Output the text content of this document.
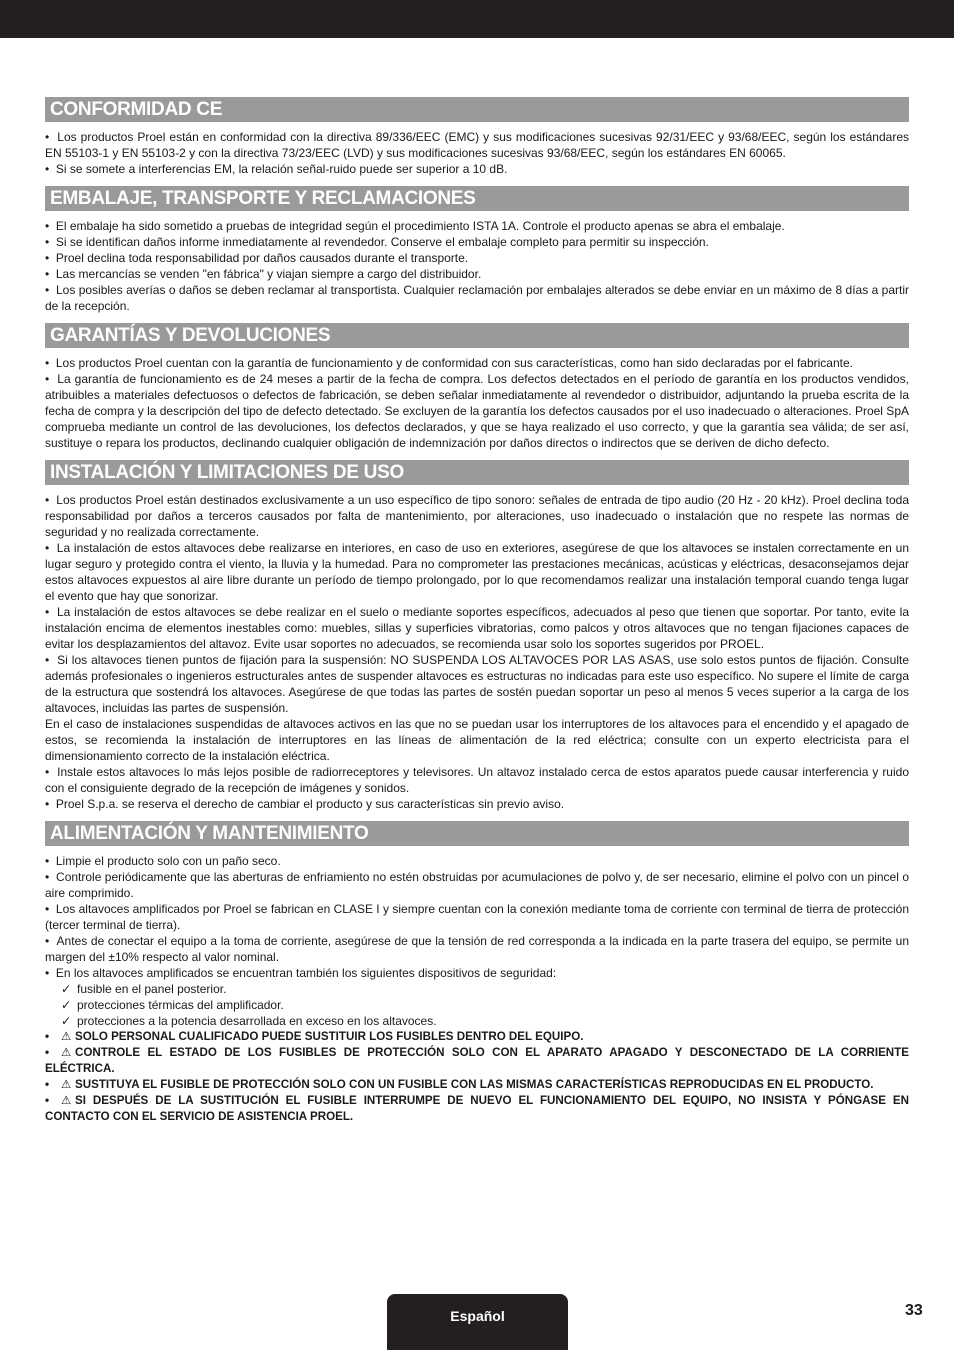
CONFORMIDAD CE

•  Los productos Proel están en conformidad con la directiva 89/336/EEC (EMC) y sus modificaciones sucesivas 92/31/EEC y 93/68/EEC, según los estándares EN 55103-1 y EN 55103-2 y con la directiva 73/23/EEC (LVD) y sus modificaciones sucesivas 93/68/EEC, según los estándares EN 60065.

•  Si se somete a interferencias EM, la relación señal-ruido puede ser superior a 10 dB.

EMBALAJE, TRANSPORTE Y RECLAMACIONES

•  El embalaje ha sido sometido a pruebas de integridad según el procedimiento ISTA 1A. Controle el producto apenas se abra el embalaje.

•  Si se identifican daños informe inmediatamente al revendedor. Conserve el embalaje completo para permitir su inspección.

•  Proel declina toda responsabilidad por daños causados durante el transporte.

•  Las mercancías se venden "en fábrica" y viajan siempre a cargo del distribuidor.

•  Los posibles averías o daños se deben reclamar al transportista. Cualquier reclamación por embalajes alterados se debe enviar en un máximo de 8 días a partir de la recepción.

GARANTÍAS Y DEVOLUCIONES

•  Los productos Proel cuentan con la garantía de funcionamiento y de conformidad con sus características, como han sido declaradas por el fabricante.

•  La garantía de funcionamiento es de 24 meses a partir de la fecha de compra. Los defectos detectados en el período de garantía en los productos vendidos, atribuibles a materiales defectuosos o defectos de fabricación, se deben señalar inmediatamente al revendedor o distribuidor, adjuntando la prueba escrita de la fecha de compra y la descripción del tipo de defecto detectado. Se excluyen de la garantía los defectos causados por el uso inadecuado o alteraciones. Proel SpA comprueba mediante un control de las devoluciones, los defectos declarados, y que se haya realizado el uso correcto, y que la garantía sea válida; de ser así, sustituye o repara los productos, declinando cualquier obligación de indemnización por daños directos o indirectos que se deriven de dicho defecto.

INSTALACIÓN Y LIMITACIONES DE USO

•  Los productos Proel están destinados exclusivamente a un uso específico de tipo sonoro: señales de entrada de tipo audio (20 Hz - 20 kHz). Proel declina toda responsabilidad por daños a terceros causados por falta de mantenimiento, por alteraciones, uso inadecuado o instalación que no respete las normas de seguridad y no realizada correctamente.

•  La instalación de estos altavoces debe realizarse en interiores, en caso de uso en exteriores, asegúrese de que los altavoces se instalen correctamente en un lugar seguro y protegido contra el viento, la lluvia y la humedad. Para no comprometer las prestaciones mecánicas, acústicas y eléctricas, desaconsejamos dejar estos altavoces expuestos al aire libre durante un período de tiempo prolongado, por lo que recomendamos realizar una instalación temporal cuando tenga lugar el evento que hay que sonorizar.

•  La instalación de estos altavoces se debe realizar en el suelo o mediante soportes específicos, adecuados al peso que tienen que soportar. Por tanto, evite la instalación encima de elementos inestables como: muebles, sillas y superficies vibratorias, como palcos y otros altavoces que no tengan fijaciones capaces de evitar los desplazamientos del altavoz. Evite usar soportes no adecuados, se recomienda usar solo los soportes sugeridos por PROEL.

•  Si los altavoces tienen puntos de fijación para la suspensión: NO SUSPENDA LOS ALTAVOCES POR LAS ASAS, use solo estos puntos de fijación. Consulte además profesionales o ingenieros estructurales antes de suspender altavoces es estructuras no indicadas para este uso específico. No supere el límite de carga de la estructura que sostendrá los altavoces. Asegúrese de que todas las partes de sostén puedan soportar un peso al menos 5 veces superior a la carga de los altavoces, incluidas las partes de suspensión.

En el caso de instalaciones suspendidas de altavoces activos en las que no se puedan usar los interruptores de los altavoces para el encendido y el apagado de estos, se recomienda la instalación de interruptores en las líneas de alimentación de la red eléctrica; consulte con un experto electricista para el dimensionamiento correcto de la instalación eléctrica.

•  Instale estos altavoces lo más lejos posible de radiorreceptores y televisores. Un altavoz instalado cerca de estos aparatos puede causar interferencia y ruido con el consiguiente degrado de la recepción de imágenes y sonidos.

•  Proel S.p.a. se reserva el derecho de cambiar el producto y sus características sin previo aviso.

ALIMENTACIÓN Y MANTENIMIENTO

•  Limpie el producto solo con un paño seco.

•  Controle periódicamente que las aberturas de enfriamiento no estén obstruidas por acumulaciones de polvo y, de ser necesario, elimine el polvo con un pincel o aire comprimido.

•  Los altavoces amplificados por Proel se fabrican en CLASE I y siempre cuentan con la conexión mediante toma de corriente con terminal de tierra de protección (tercer terminal de tierra).

•  Antes de conectar el equipo a la toma de corriente, asegúrese de que la tensión de red corresponda a la indicada en la parte trasera del equipo, se permite un margen del ±10% respecto al valor nominal.

•  En los altavoces amplificados se encuentran también los siguientes dispositivos de seguridad:

✓ fusible en el panel posterior.

✓ protecciones térmicas del amplificador.

✓ protecciones a la potencia desarrollada en exceso en los altavoces.

• ⚠ SOLO PERSONAL CUALIFICADO PUEDE SUSTITUIR LOS FUSIBLES DENTRO DEL EQUIPO.

• ⚠ CONTROLE EL ESTADO DE LOS FUSIBLES DE PROTECCIÓN SOLO CON EL APARATO APAGADO Y DESCONECTADO DE LA CORRIENTE ELÉCTRICA.

• ⚠ SUSTITUYA EL FUSIBLE DE PROTECCIÓN SOLO CON UN FUSIBLE CON LAS MISMAS CARACTERÍSTICAS REPRODUCIDAS EN EL PRODUCTO.

• ⚠ SI DESPUÉS DE LA SUSTITUCIÓN EL FUSIBLE INTERRUMPE DE NUEVO EL FUNCIONAMIENTO DEL EQUIPO, NO INSISTA Y PÓNGASE EN CONTACTO CON EL SERVICIO DE ASISTENCIA PROEL.

Español	33
